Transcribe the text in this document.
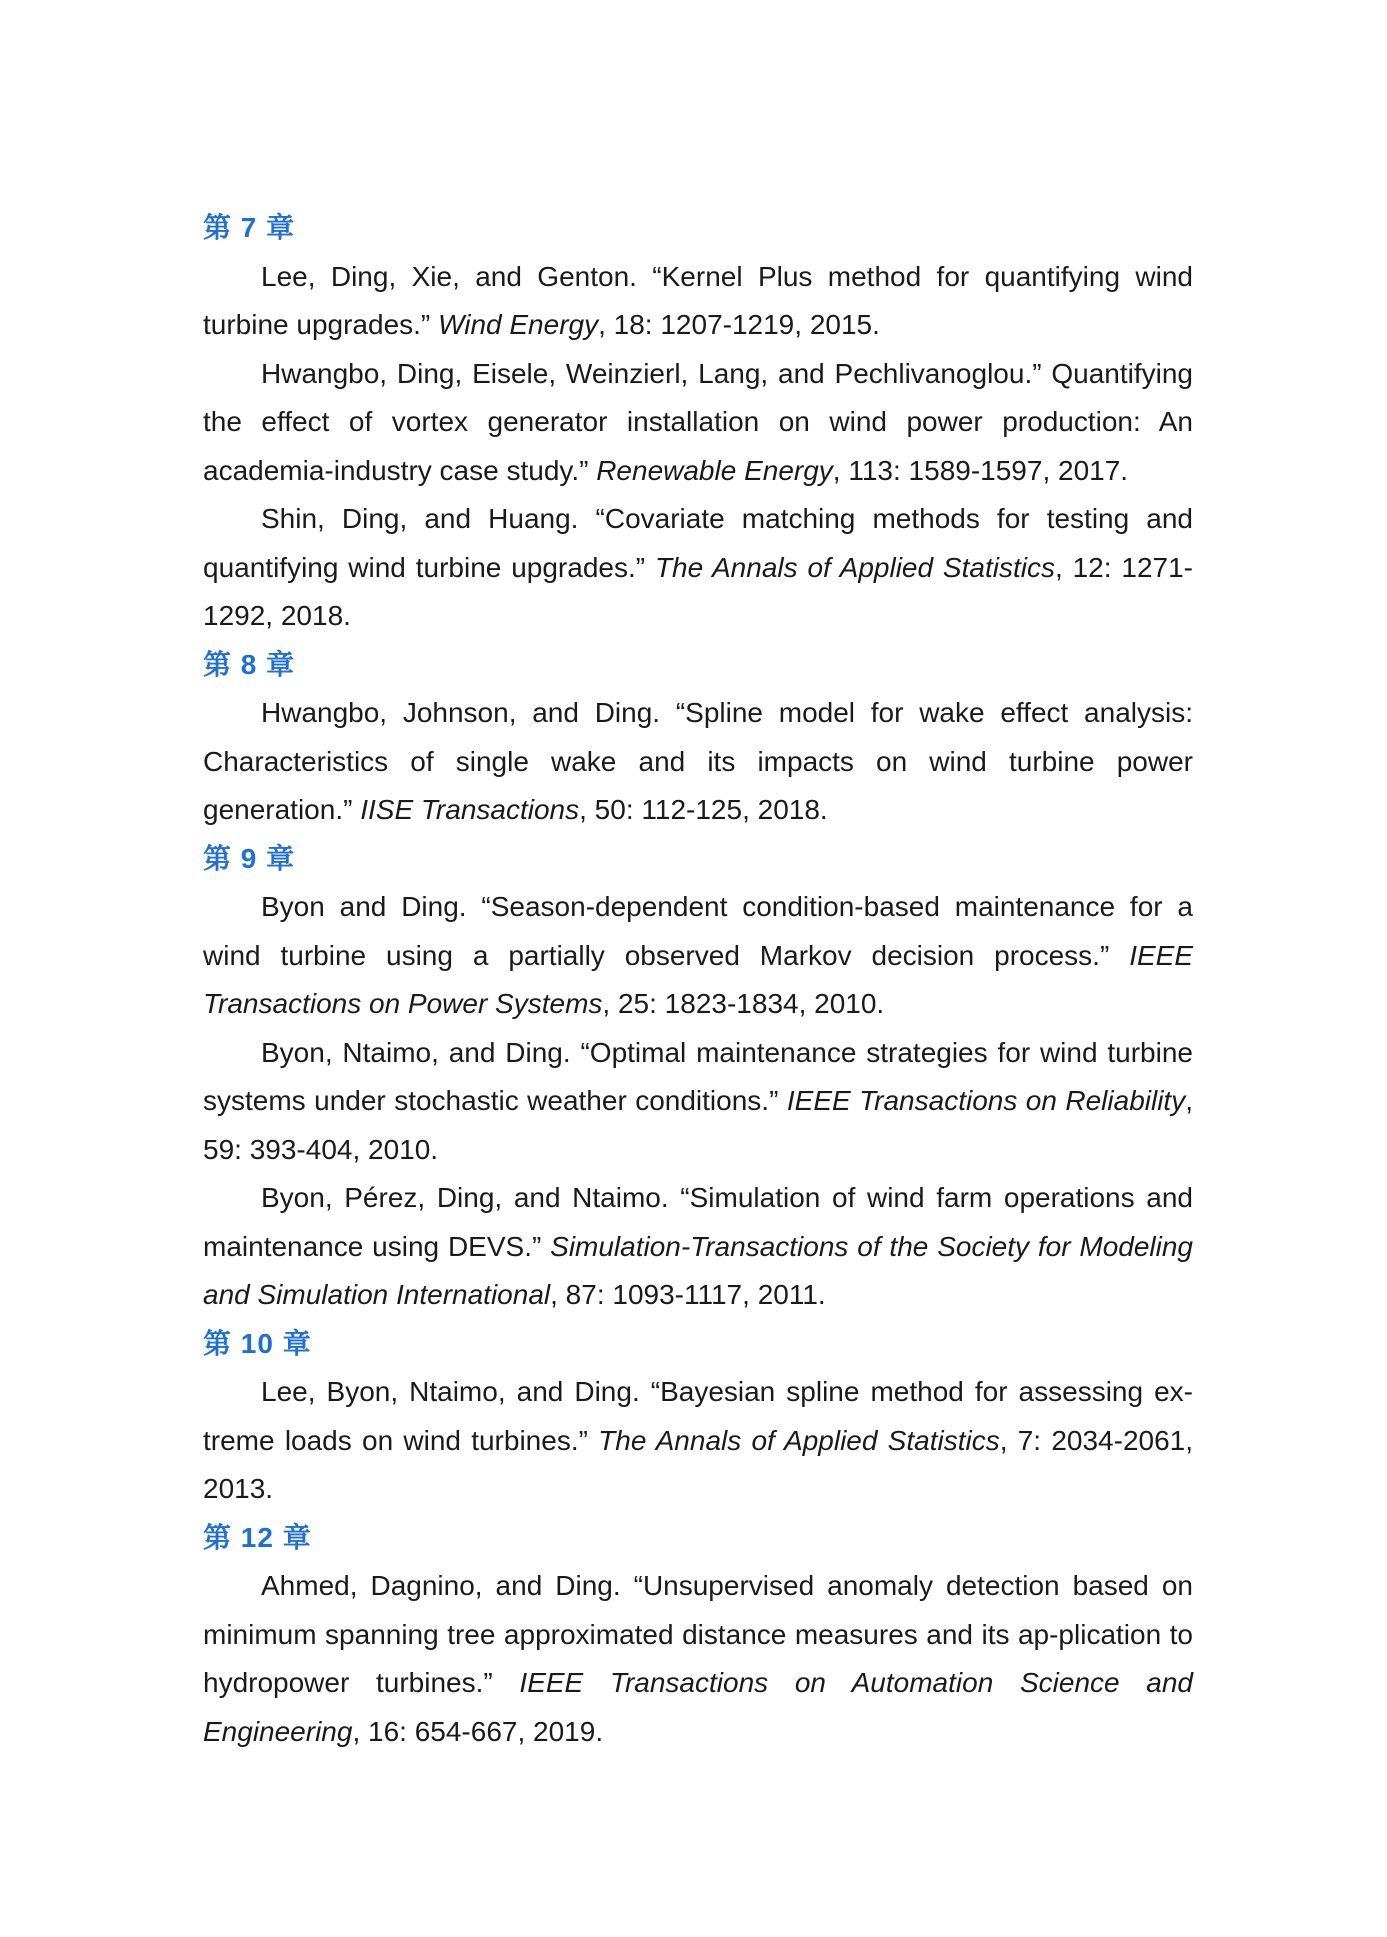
第 7 章

Lee, Ding, Xie, and Genton. “Kernel Plus method for quantifying wind turbine upgrades.” Wind Energy, 18: 1207-1219, 2015.

Hwangbo, Ding, Eisele, Weinzierl, Lang, and Pechlivanoglou.” Quantifying the effect of vortex generator installation on wind power production: An academia-industry case study.” Renewable Energy, 113: 1589-1597, 2017.

Shin, Ding, and Huang. “Covariate matching methods for testing and quantifying wind turbine upgrades.” The Annals of Applied Statistics, 12: 1271-1292, 2018.

第 8 章

Hwangbo, Johnson, and Ding. “Spline model for wake effect analysis: Characteristics of single wake and its impacts on wind turbine power generation.” IISE Transactions, 50: 112-125, 2018.

第 9 章

Byon and Ding. “Season-dependent condition-based maintenance for a wind turbine using a partially observed Markov decision process.” IEEE Transactions on Power Systems, 25: 1823-1834, 2010.

Byon, Ntaimo, and Ding. “Optimal maintenance strategies for wind turbine systems under stochastic weather conditions.” IEEE Transactions on Reliability, 59: 393-404, 2010.

Byon, Pérez, Ding, and Ntaimo. “Simulation of wind farm operations and maintenance using DEVS.” Simulation-Transactions of the Society for Modeling and Simulation International, 87: 1093-1117, 2011.

第 10 章

Lee, Byon, Ntaimo, and Ding. “Bayesian spline method for assessing ex-treme loads on wind turbines.” The Annals of Applied Statistics, 7: 2034-2061, 2013.

第 12 章

Ahmed, Dagnino, and Ding. “Unsupervised anomaly detection based on minimum spanning tree approximated distance measures and its ap-plication to hydropower turbines.” IEEE Transactions on Automation Science and Engineering, 16: 654-667, 2019.
